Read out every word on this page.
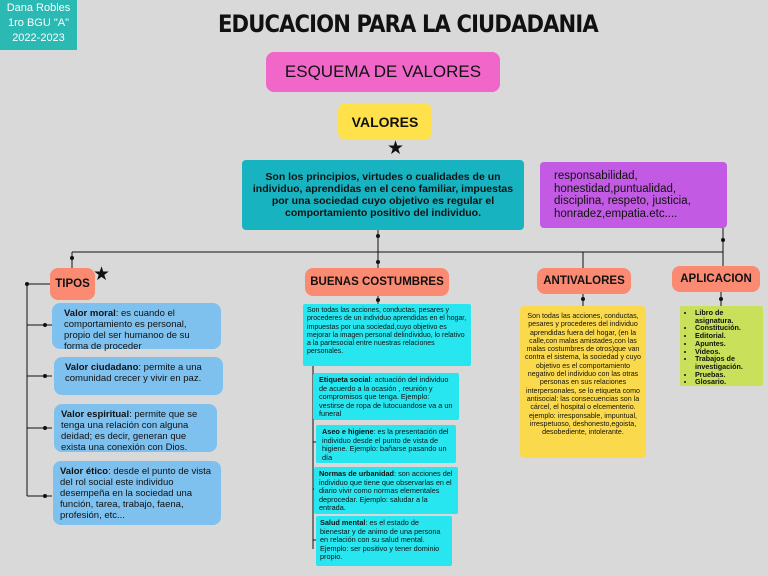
Dana Robles
1ro BGU "A"
2022-2023	EDUCACION PARA LA CIUDADANIA
ESQUEMA DE VALORES
VALORES
★
Son los principios, virtudes o cualidades de un individuo, aprendidas en el ceno familiar, impuestas por una sociedad cuyo objetivo es regular el comportamiento positivo del individuo.
responsabilidad, honestidad,puntualidad, disciplina, respeto, justicia, honradez,empatia.etc....
TIPOS ★	BUENAS COSTUMBRES	ANTIVALORES	APLICACION
Valor moral: es cuando el comportamiento es personal, propio del ser humanoo de su forma de proceder
Valor ciudadano: permite a una comunidad crecer y vivir en paz.
Valor espiritual: permite que se tenga una relación con alguna deidad; es decir, generan que exista una conexión con Dios.
Valor ético: desde el punto de vista del rol social este individuo desempeña en la sociedad una función, tarea, trabajo, faena, profesión, etc...
Son todas las acciones, conductas, pesares y procederes de un individuo aprendidas en el hogar, impuestas por una sociedad,cuyo objetivo es mejorar la imagen personal delindividuo, lo relativo a la partesocial entre nuestras relaciones personales.
Etiqueta social: actuación del individuo de acuerdo a la ocasión , reunión y compromisos que tenga. Ejemplo: vestirse de ropa de lutocuandose va a un funeral
Aseo e higiene: es la presentación del individuo desde el punto de vista de higiene. Ejemplo: bañarse pasando un día
Normas de urbanidad: son acciones del individuo que tiene que observarlas en el diario vivir como normas elementales deprocedar. Ejemplo: saludar a la entrada.
Salud mental: es el estado de bienestar y de animo de una persona en relación con su salud mental. Ejemplo: ser positivo y tener dominio propio.
Son todas las acciones, conductas, pesares y procederes del individuo aprendidas fuera del hogar, (en la calle,con malas amistades,con las malas costumbres de otros)que van contra el sistema, la sociedad y cuyo objetivo es el comportamiento negativo del individuo con las otras personas en sus relaciones interpersonales, se lo etiqueta como antisocial: las consecuencias son la cárcel, el hospital o elcementerio. ejemplo: irresponsable, impuntual, irrespetuoso, deshonesto,egoista, desobediente, intolerante.
• Libro de asignatura.
• Constitución.
• Editorial.
• Apuntes.
• Videos.
• Trabajos de investigación.
• Pruebas.
• Glosario.
